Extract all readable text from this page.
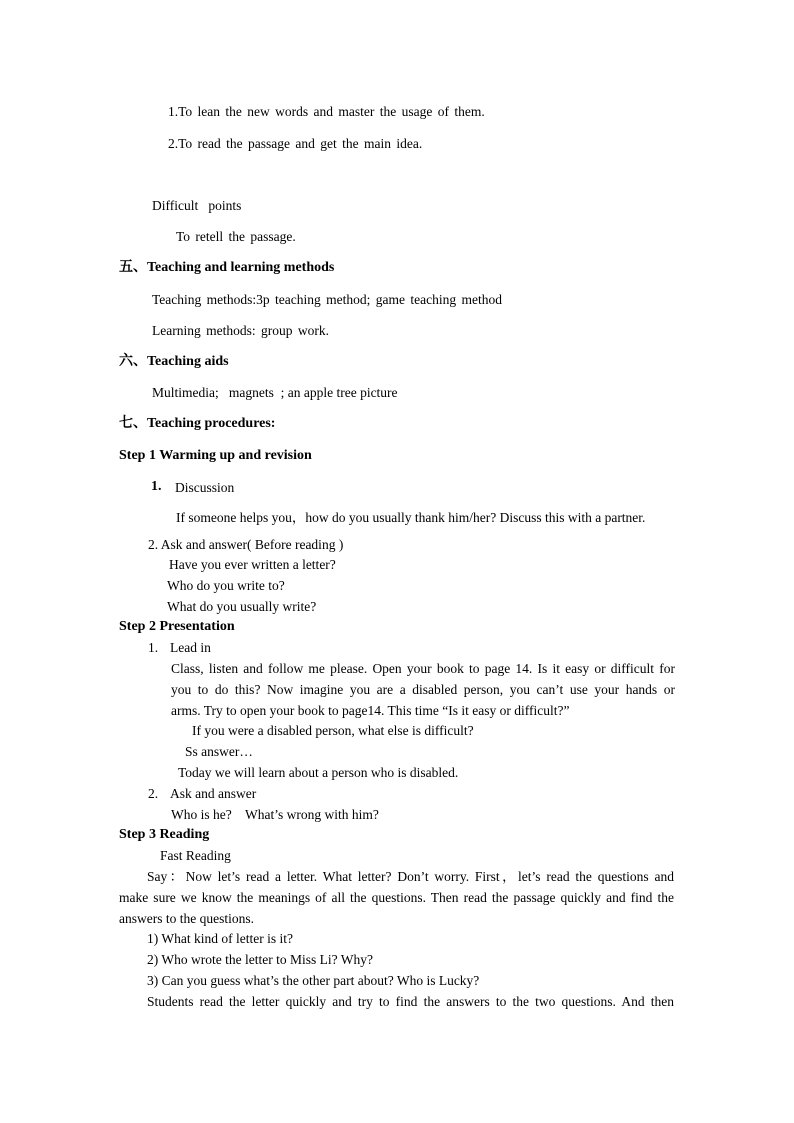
1.To lean the new words and master the usage of them.
2.To read the passage and get the main idea.
Difficult   points
To retell the passage.
五、Teaching and learning methods
Teaching methods:3p teaching method; game teaching method
Learning methods: group work.
六、Teaching aids
Multimedia;   magnets  ; an apple tree picture
七、Teaching procedures:
Step 1 Warming up and revision
1. Discussion
If someone helps you，how do you usually thank him/her? Discuss this with a partner.
2. Ask and answer( Before reading )
Have you ever written a letter?
Who do you write to?
What do you usually write?
Step 2 Presentation
1. Lead in
Class, listen and follow me please. Open your book to page 14. Is it easy or difficult for
you to do this? Now imagine you are a disabled person, you can’t use your hands or
arms. Try to open your book to page14. This time “Is it easy or difficult?”
If you were a disabled person, what else is difficult?
Ss answer…
Today we will learn about a person who is disabled.
2. Ask and answer
Who is he?    What’s wrong with him?
Step 3 Reading
Fast Reading
Say：Now let’s read a letter. What letter? Don’t worry. First，let’s read the questions and
make sure we know the meanings of all the questions. Then read the passage quickly and find the
answers to the questions.
1) What kind of letter is it?
2) Who wrote the letter to Miss Li? Why?
3) Can you guess what’s the other part about? Who is Lucky?
Students read the letter quickly and try to find the answers to the two questions. And then
